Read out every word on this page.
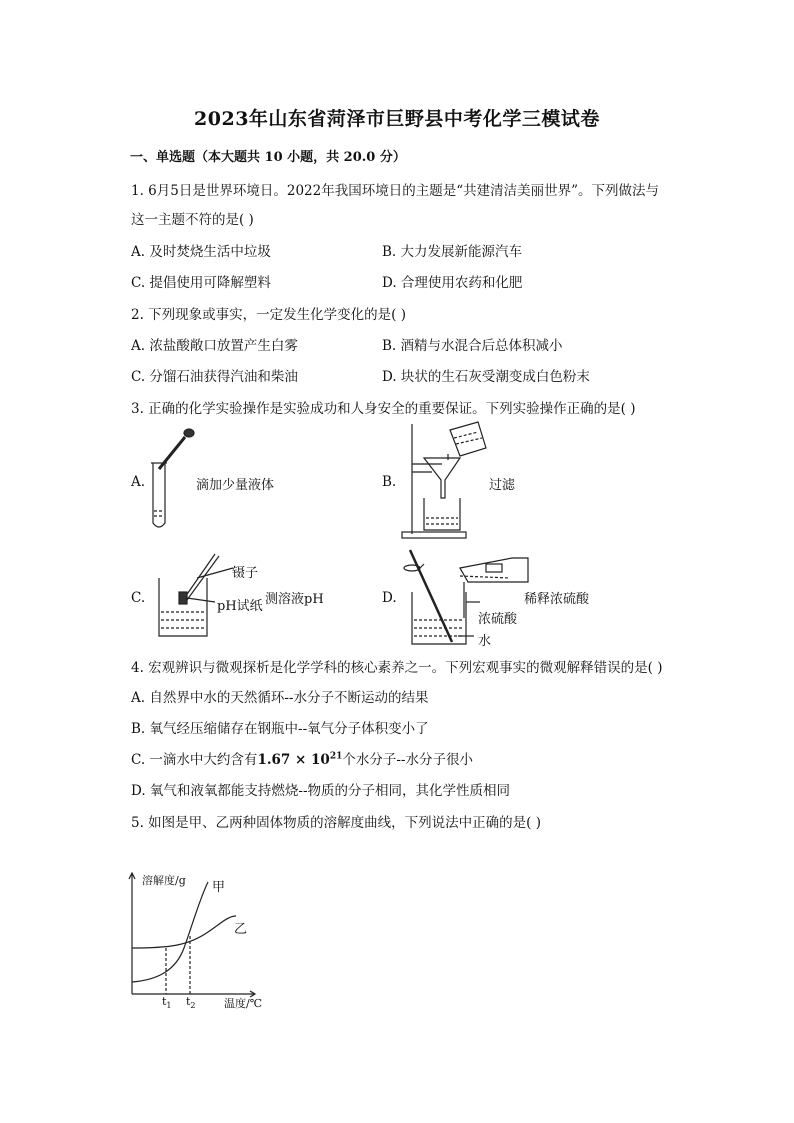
2023年山东省菏泽市巨野县中考化学三模试卷
一、单选题（本大题共 10 小题，共 20.0 分）
1. 6月5日是世界环境日。2022年我国环境日的主题是“共建清洁美丽世界”。下列做法与
这一主题不符的是( )
A. 及时焚烧生活中垃圾	B. 大力发展新能源汽车
C. 提倡使用可降解塑料	D. 合理使用农药和化肥
2. 下列现象或事实，一定发生化学变化的是( )
A. 浓盐酸敞口放置产生白雾	B. 酒精与水混合后总体积减小
C. 分馏石油获得汽油和柴油	D. 块状的生石灰受潮变成白色粉末
3. 正确的化学实验操作是实验成功和人身安全的重要保证。下列实验操作正确的是( )
A.	滴加少量液体	B.	过滤
C.
镊子
pH试纸 测溶液pH	D.	稀释浓硫酸
浓硫酸
水
4. 宏观辨识与微观探析是化学学科的核心素养之一。下列宏观事实的微观解释错误的是( )
A. 自然界中水的天然循环--水分子不断运动的结果
B. 氧气经压缩储存在钢瓶中--氧气分子体积变小了
C. 一滴水中大约含有$1.67 \times 10^{21}$个水分子--水分子很小
D. 氧气和液氧都能支持燃烧--物质的分子相同，其化学性质相同
5. 如图是甲、乙两种固体物质的溶解度曲线，下列说法中正确的是( )
溶解度/g 甲
乙
$t_1$ $t_2$	温度/℃
